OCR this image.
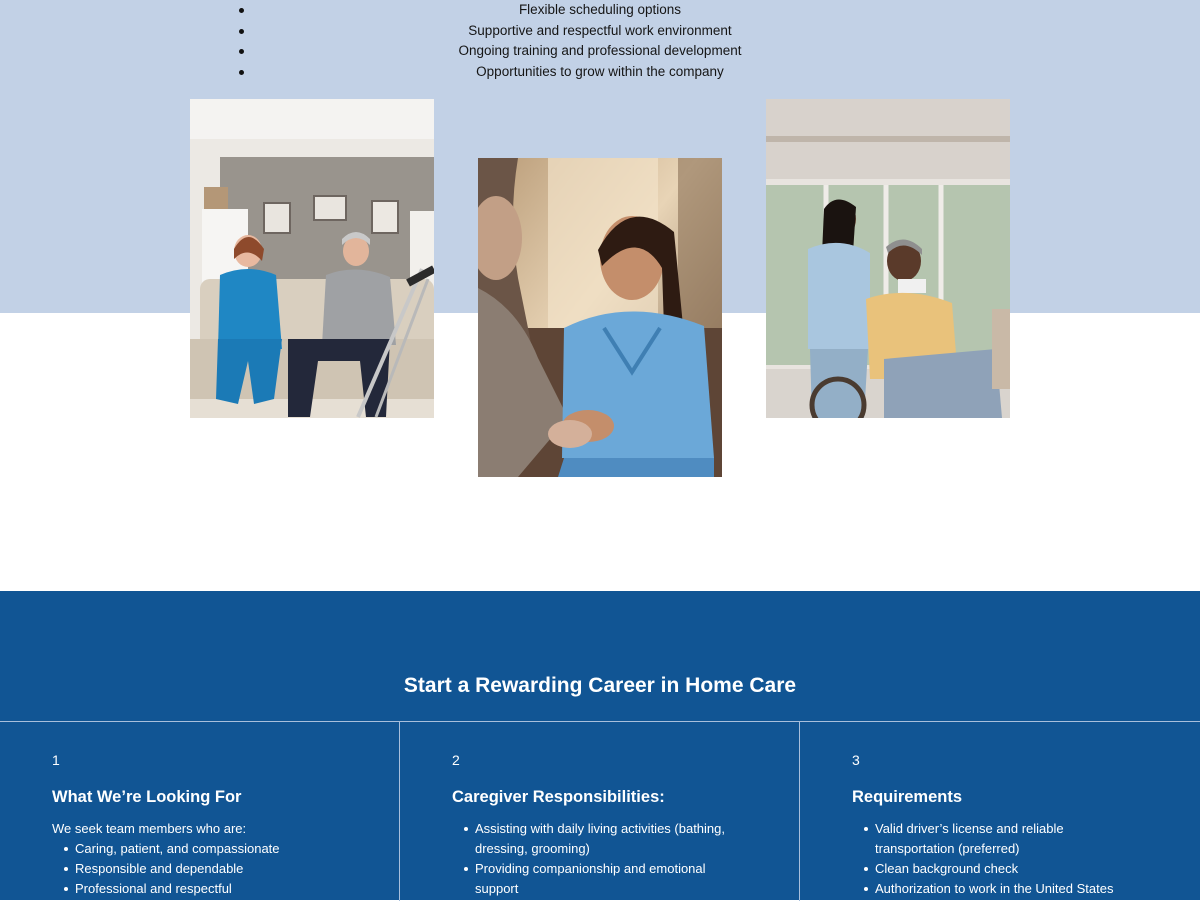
Flexible scheduling options
Supportive and respectful work environment
Ongoing training and professional development
Opportunities to grow within the company
Start a Rewarding Career in Home Care

1

What We’re Looking For

We seek team members who are:

Caring, patient, and compassionate
Responsible and dependable
Professional and respectful

2

Caregiver Responsibilities:
Assisting with daily living activities (bathing, dressing, grooming)
Providing companionship and emotional support

3

Requirements
Valid driver’s license and reliable transportation (preferred)
Clean background check
Authorization to work in the United States
